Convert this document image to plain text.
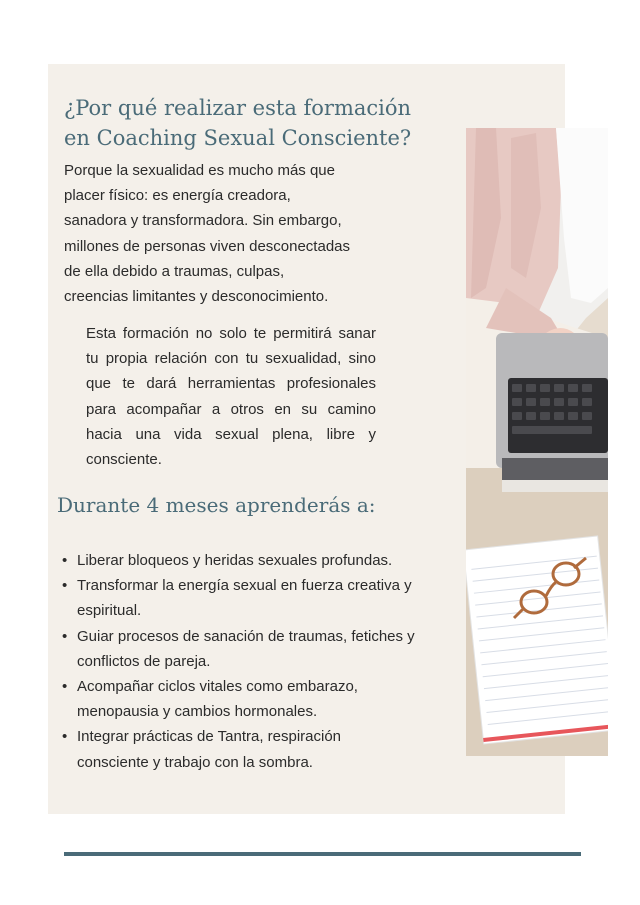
¿Por qué realizar esta formación
en Coaching Sexual Consciente?
Porque la sexualidad es mucho más que
placer físico: es energía creadora,
sanadora y transformadora. Sin embargo,
millones de personas viven desconectadas
de ella debido a traumas, culpas,
creencias limitantes y desconocimiento.
Esta formación no solo te permitirá sanar
tu propia relación con tu sexualidad, sino
que te dará herramientas profesionales
para acompañar a otros en su camino
hacia una vida sexual plena, libre y
consciente.
Durante 4 meses aprenderás a:
• Liberar bloqueos y heridas sexuales profundas.
• Transformar la energía sexual en fuerza creativa y
espiritual.
• Guiar procesos de sanación de traumas, fetiches y
conflictos de pareja.
• Acompañar ciclos vitales como embarazo,
menopausia y cambios hormonales.
• Integrar prácticas de Tantra, respiración
consciente y trabajo con la sombra.
